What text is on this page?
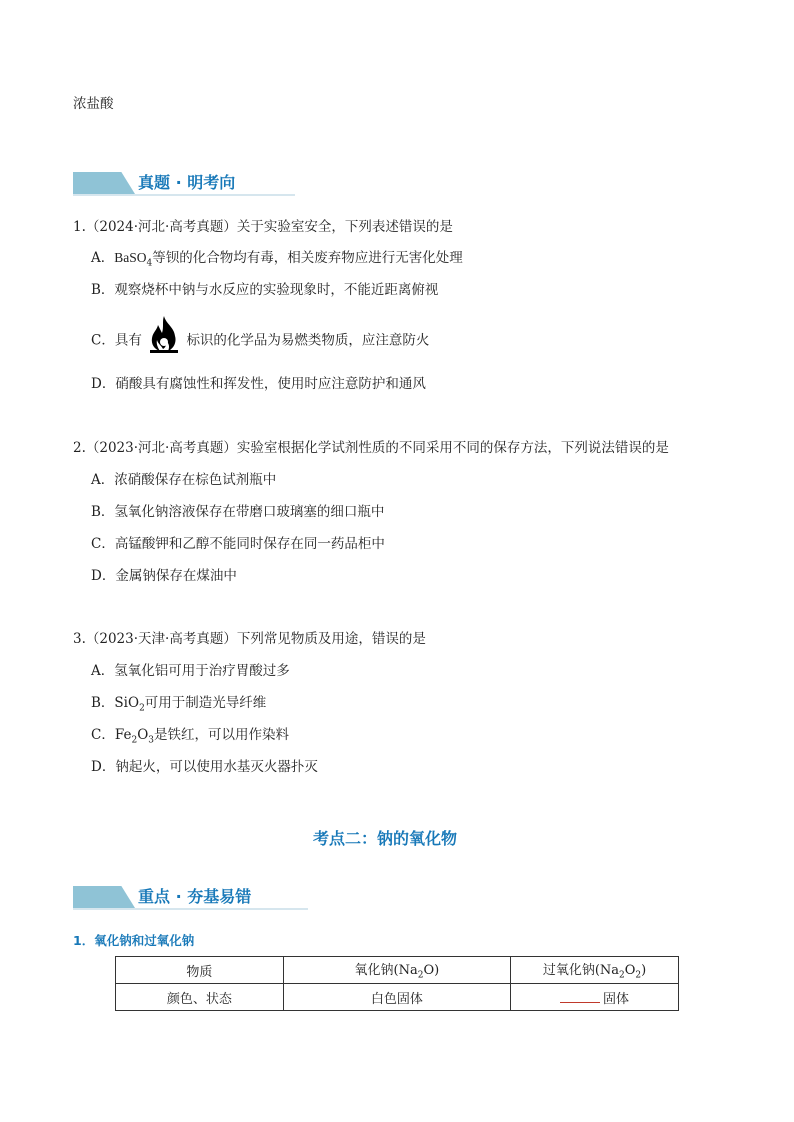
浓盐酸
真题 · 明考向
1.（2024·河北·高考真题）关于实验室安全，下列表述错误的是
A．BaSO$_4$等钡的化合物均有毒，相关废弃物应进行无害化处理
B．观察烧杯中钠与水反应的实验现象时，不能近距离俯视
C．具有	标识的化学品为易燃类物质，应注意防火
D．硝酸具有腐蚀性和挥发性，使用时应注意防护和通风
2.（2023·河北·高考真题）实验室根据化学试剂性质的不同采用不同的保存方法，下列说法错误的是
A．浓硝酸保存在棕色试剂瓶中
B．氢氧化钠溶液保存在带磨口玻璃塞的细口瓶中
C．高锰酸钾和乙醇不能同时保存在同一药品柜中
D．金属钠保存在煤油中
3.（2023·天津·高考真题）下列常见物质及用途，错误的是
A．氢氧化铝可用于治疗胃酸过多
B．SiO$_2$可用于制造光导纤维
C．$Fe_2O_3$是铁红，可以用作染料
D．钠起火，可以使用水基灭火器扑灭
考点二：钠的氧化物
重点 · 夯基易错
1．氧化钠和过氧化钠
物质	氧化钠$(Na_2O)$	过氧化钠$(Na_2O_2)$
颜色、状态	白色固体	固体
